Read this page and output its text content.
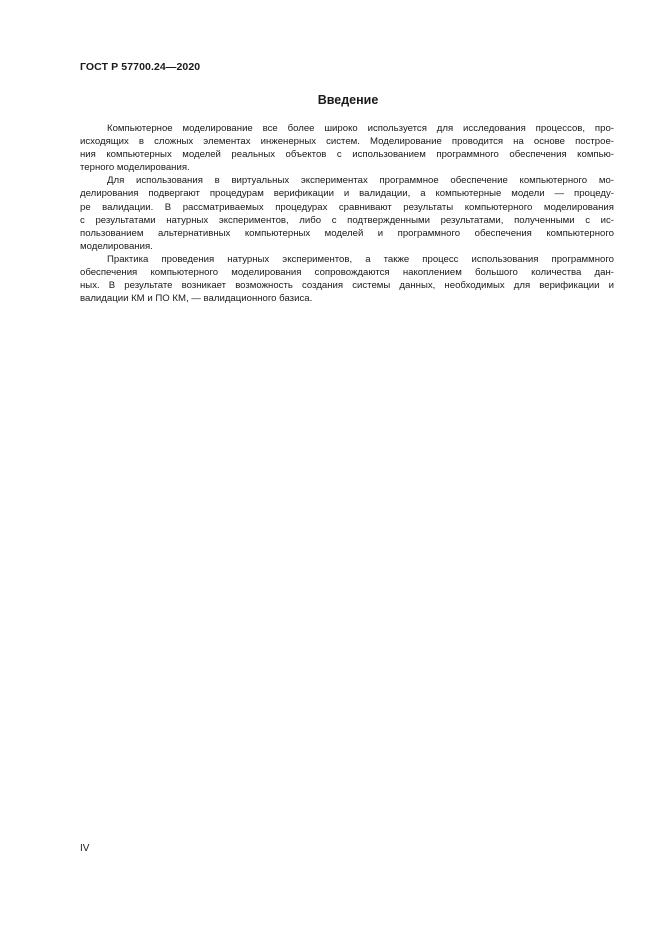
ГОСТ Р 57700.24—2020
Введение

Компьютерное моделирование все более широко используется для исследования процессов, про-
исходящих в сложных элементах инженерных систем. Моделирование проводится на основе построе-
ния компьютерных моделей реальных объектов с использованием программного обеспечения компью-
терного моделирования.

Для использования в виртуальных экспериментах программное обеспечение компьютерного мо-
делирования подвергают процедурам верификации и валидации, а компьютерные модели — процеду-
ре валидации. В рассматриваемых процедурах сравнивают результаты компьютерного моделирования
с результатами натурных экспериментов, либо с подтвержденными результатами, полученными с ис-
пользованием альтернативных компьютерных моделей и программного обеспечения компьютерного
моделирования.

Практика проведения натурных экспериментов, а также процесс использования программного
обеспечения компьютерного моделирования сопровождаются накоплением большого количества дан-
ных. В результате возникает возможность создания системы данных, необходимых для верификации и
валидации КМ и ПО КМ, — валидационного базиса.

IV
